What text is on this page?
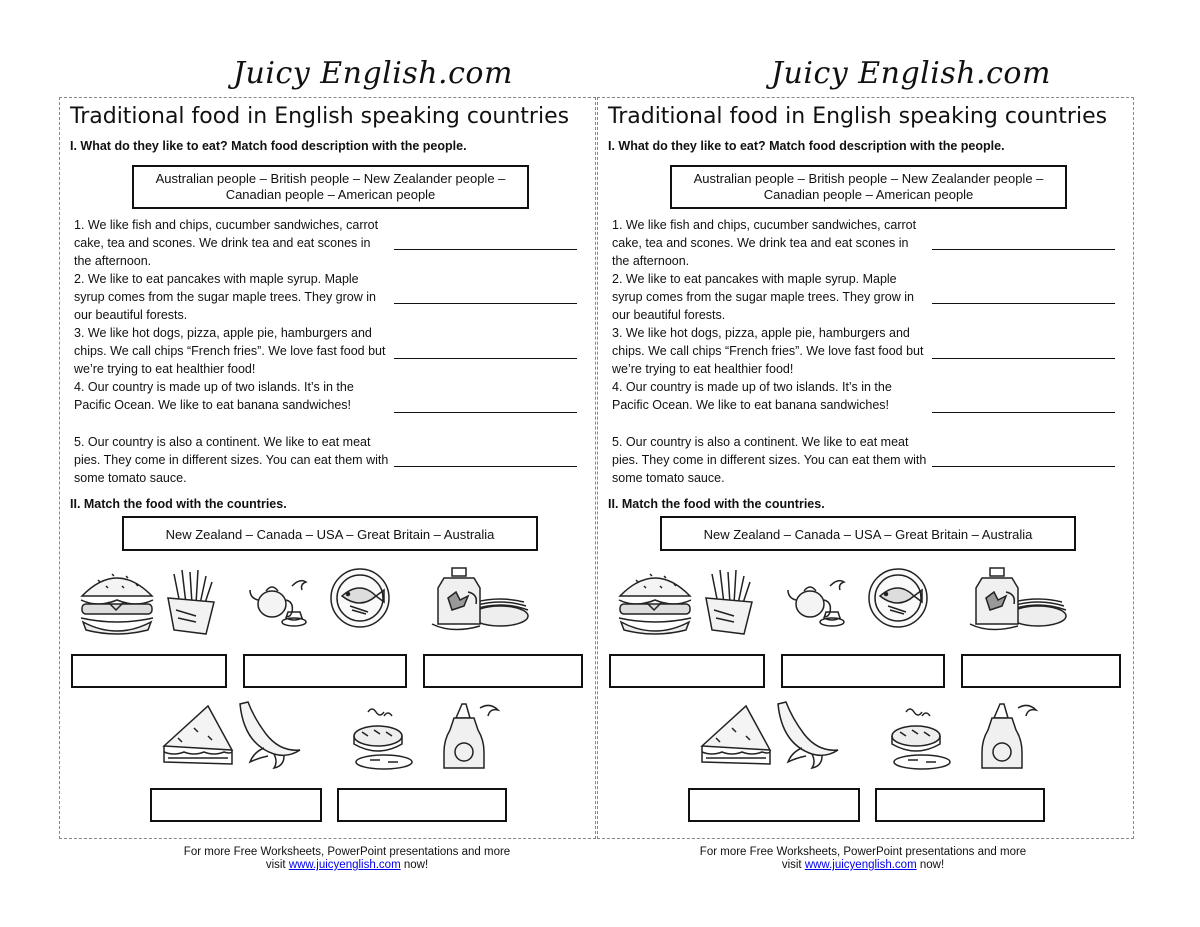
Juicy English.com
Traditional food in English speaking countries
I. What do they like to eat? Match food description with the people.
Australian people – British people – New Zealander people –
Canadian people – American people
1. We like fish and chips, cucumber sandwiches, carrot cake, tea and scones. We drink tea and eat scones in the afternoon.
2. We like to eat pancakes with maple syrup. Maple syrup comes from the sugar maple trees. They grow in our beautiful forests.
3. We like hot dogs, pizza, apple pie, hamburgers and chips. We call chips “French fries”. We love fast food but we’re trying to eat healthier food!
4. Our country is made up of two islands. It’s in the Pacific Ocean. We like to eat banana sandwiches!
5. Our country is also a continent. We like to eat meat pies. They come in different sizes. You can eat them with some tomato sauce.
II. Match the food with the countries.
New Zealand – Canada – USA – Great Britain – Australia
For more Free Worksheets, PowerPoint presentations and more
visit www.juicyenglish.com now!
Juicy English.com
Traditional food in English speaking countries
I. What do they like to eat? Match food description with the people.
Australian people – British people – New Zealander people –
Canadian people – American people
1. We like fish and chips, cucumber sandwiches, carrot cake, tea and scones. We drink tea and eat scones in the afternoon.
2. We like to eat pancakes with maple syrup. Maple syrup comes from the sugar maple trees. They grow in our beautiful forests.
3. We like hot dogs, pizza, apple pie, hamburgers and chips. We call chips “French fries”. We love fast food but we’re trying to eat healthier food!
4. Our country is made up of two islands. It’s in the Pacific Ocean. We like to eat banana sandwiches!
5. Our country is also a continent. We like to eat meat pies. They come in different sizes. You can eat them with some tomato sauce.
II. Match the food with the countries.
New Zealand – Canada – USA – Great Britain – Australia
For more Free Worksheets, PowerPoint presentations and more
visit www.juicyenglish.com now!
